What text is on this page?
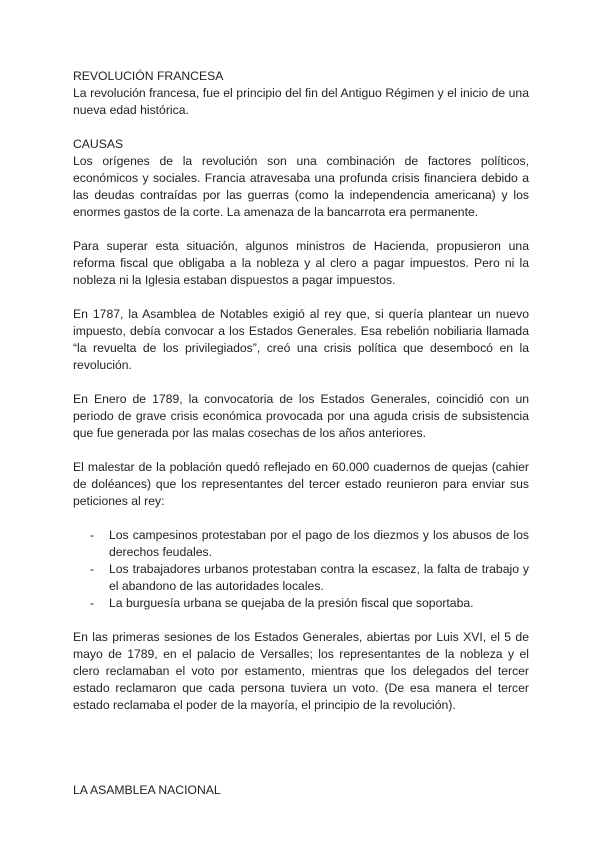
REVOLUCIÓN FRANCESA

La revolución francesa, fue el principio del fin del Antiguo Régimen y el inicio de una nueva edad histórica.

CAUSAS

Los orígenes de la revolución son una combinación de factores políticos, económicos y sociales. Francia atravesaba una profunda crisis financiera debido a las deudas contraídas por las guerras (como la independencia americana) y los enormes gastos de la corte. La amenaza de la bancarrota era permanente.

Para superar esta situación, algunos ministros de Hacienda, propusieron una reforma fiscal que obligaba a la nobleza y al clero a pagar impuestos. Pero ni la nobleza ni la Iglesia estaban dispuestos a pagar impuestos.

En 1787, la Asamblea de Notables exigió al rey que, si quería plantear un nuevo impuesto, debía convocar a los Estados Generales. Esa rebelión nobiliaria llamada “la revuelta de los privilegiados”, creó una crisis política que desembocó en la revolución.

En Enero de 1789, la convocatoria de los Estados Generales, coincidió con un periodo de grave crisis económica provocada por una aguda crisis de subsistencia que fue generada por las malas cosechas de los años anteriores.

El malestar de la población quedó reflejado en 60.000 cuadernos de quejas (cahier de doléances) que los representantes del tercer estado reunieron para enviar sus peticiones al rey:

- Los campesinos protestaban por el pago de los diezmos y los abusos de los derechos feudales.
- Los trabajadores urbanos protestaban contra la escasez, la falta de trabajo y el abandono de las autoridades locales.
- La burguesía urbana se quejaba de la presión fiscal que soportaba.

En las primeras sesiones de los Estados Generales, abiertas por Luis XVI, el 5 de mayo de 1789, en el palacio de Versalles; los representantes de la nobleza y el clero reclamaban el voto por estamento, mientras que los delegados del tercer estado reclamaron que cada persona tuviera un voto. (De esa manera el tercer estado reclamaba el poder de la mayoría, el principio de la revolución).

LA ASAMBLEA NACIONAL
